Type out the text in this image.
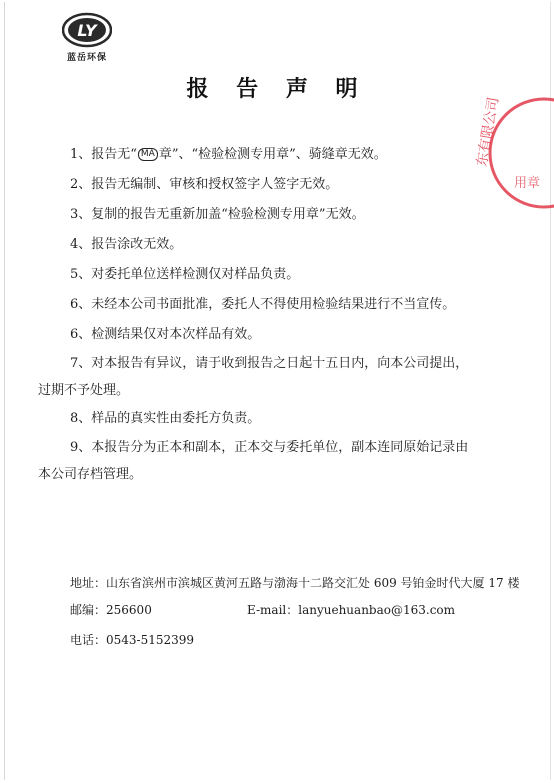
LY
蓝岳环保
报 告 声 明
东有限公司
用章

1、报告无“ MA 章”、“检验检测专用章”、骑缝章无效。

2、报告无编制、审核和授权签字人签字无效。

3、复制的报告无重新加盖“检验检测专用章”无效。

4、报告涂改无效。

5、对委托单位送样检测仅对样品负责。

6、未经本公司书面批准，委托人不得使用检验结果进行不当宣传。

6、检测结果仅对本次样品有效。

7、对本报告有异议，请于收到报告之日起十五日内，向本公司提出，
过期不予处理。

8、样品的真实性由委托方负责。

9、本报告分为正本和副本，正本交与委托单位，副本连同原始记录由
本公司存档管理。

地址：山东省滨州市滨城区黄河五路与渤海十二路交汇处 609 号铂金时代大厦 17 楼
邮编：256600	E-mail：lanyuehuanbao@163.com
电话：0543-5152399
